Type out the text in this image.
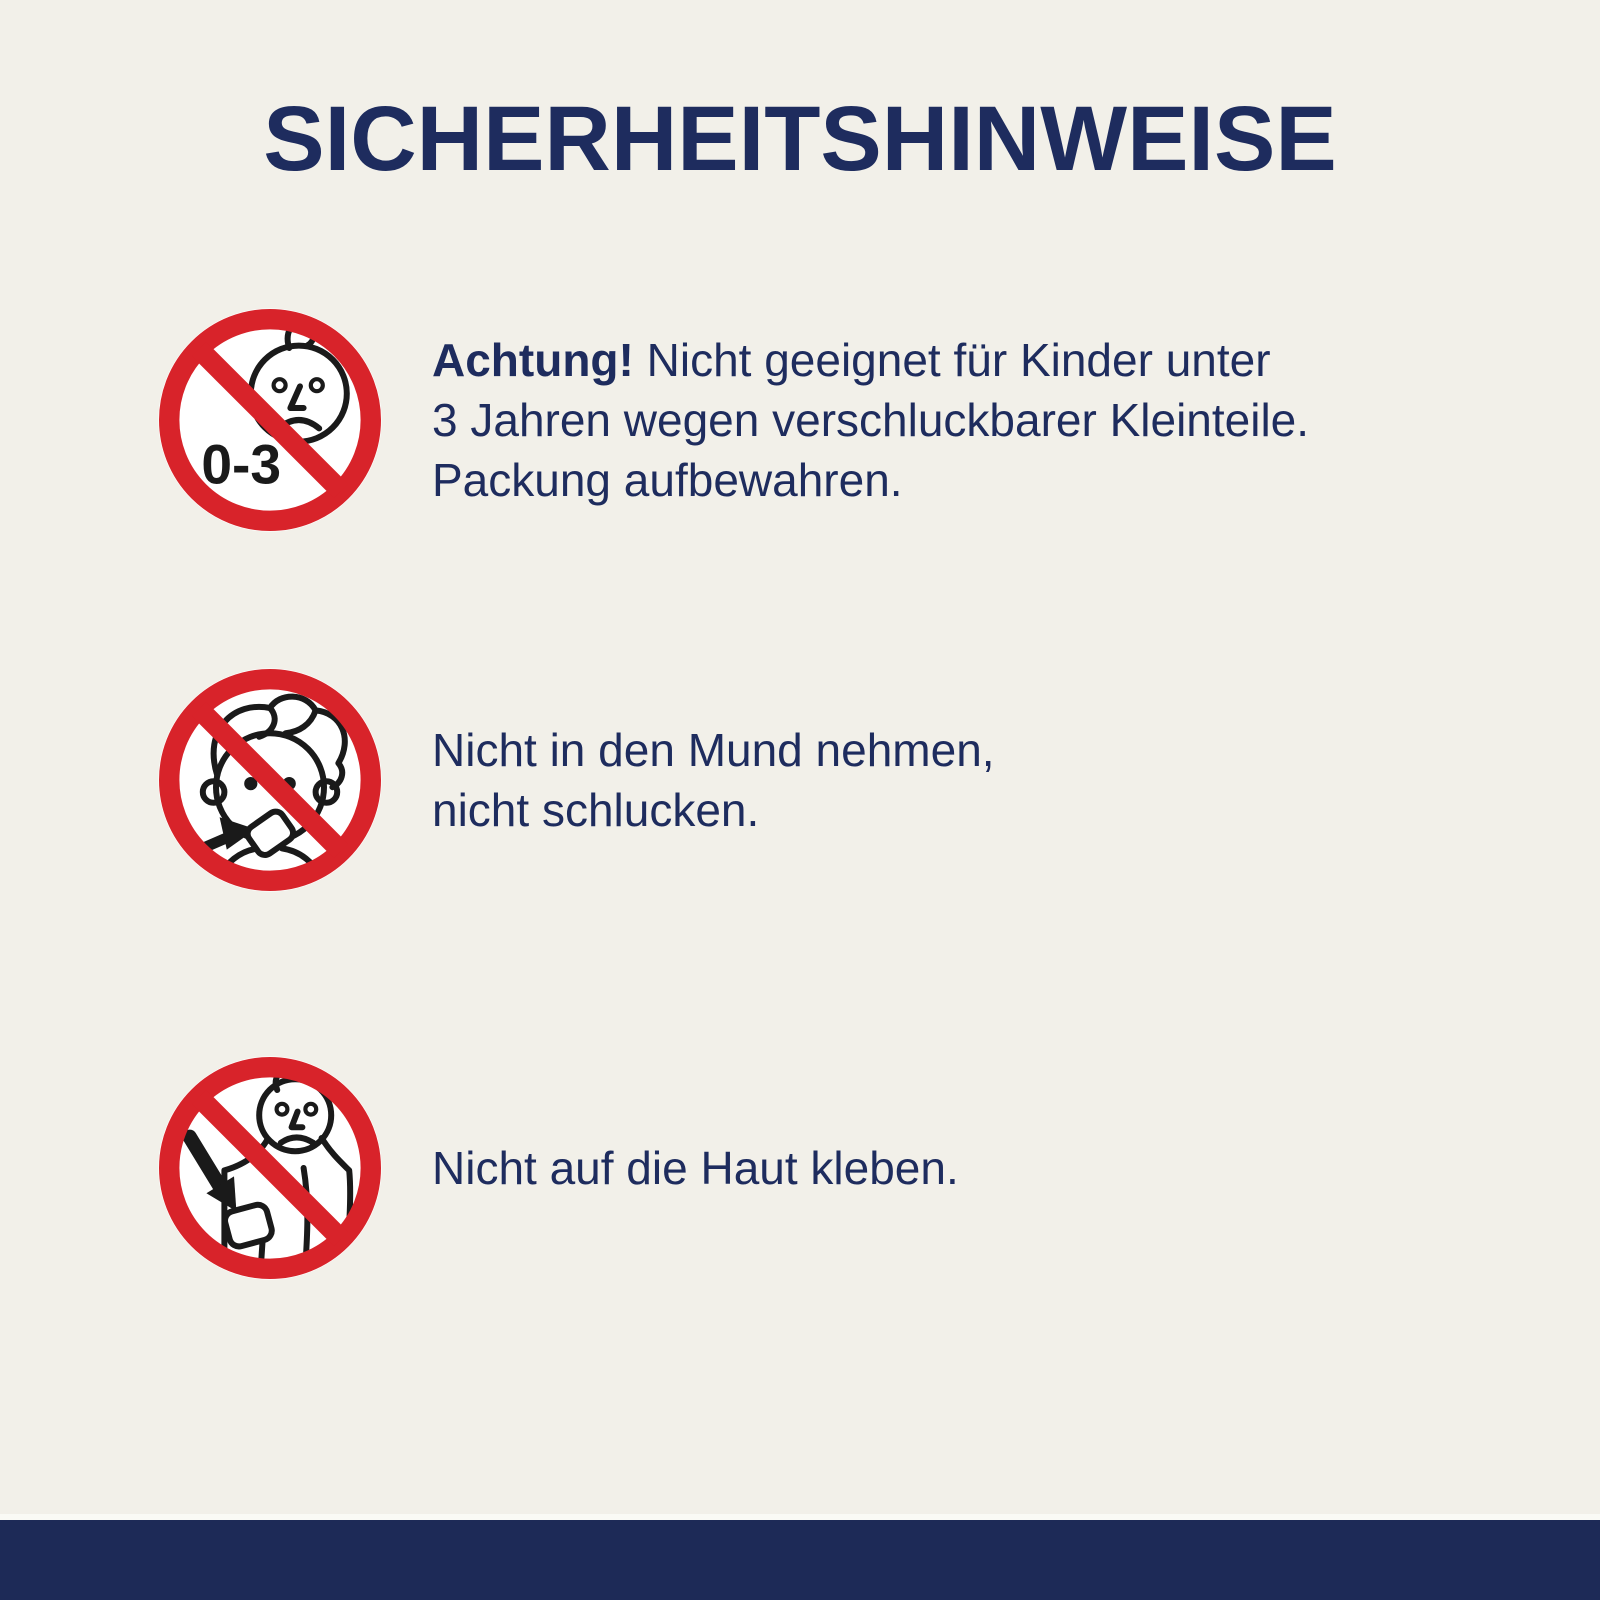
SICHERHEITSHINWEISE
0-3

Achtung! Nicht geeignet für Kinder unter

3 Jahren wegen verschluckbarer Kleinteile.

Packung aufbewahren.

Nicht in den Mund nehmen,

nicht schlucken.

Nicht auf die Haut kleben.
